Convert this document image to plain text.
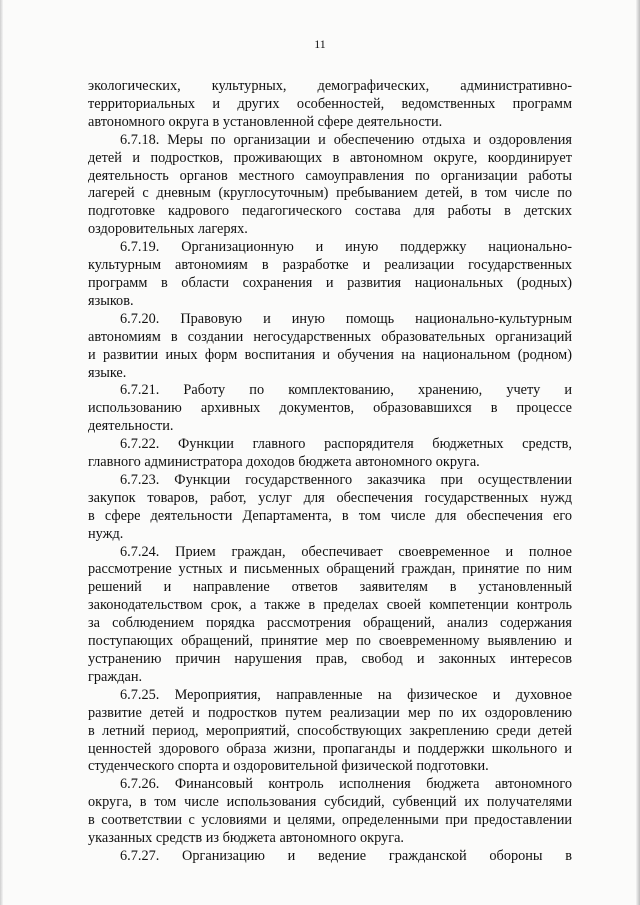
11

экологических, культурных, демографических, административно-

территориальных и других особенностей, ведомственных программ

автономного округа в установленной сфере деятельности.

6.7.18. Меры по организации и обеспечению отдыха и оздоровления

детей и подростков, проживающих в автономном округе, координирует

деятельность органов местного самоуправления по организации работы

лагерей с дневным (круглосуточным) пребыванием детей, в том числе по

подготовке кадрового педагогического состава для работы в детских

оздоровительных лагерях.

6.7.19. Организационную и иную поддержку национально-

культурным автономиям в разработке и реализации государственных

программ в области сохранения и развития национальных (родных)

языков.

6.7.20. Правовую и иную помощь национально-культурным

автономиям в создании негосударственных образовательных организаций

и развитии иных форм воспитания и обучения на национальном (родном)

языке.

6.7.21. Работу по комплектованию, хранению, учету и

использованию архивных документов, образовавшихся в процессе

деятельности.

6.7.22. Функции главного распорядителя бюджетных средств,

главного администратора доходов бюджета автономного округа.

6.7.23. Функции государственного заказчика при осуществлении

закупок товаров, работ, услуг для обеспечения государственных нужд

в сфере деятельности Департамента, в том числе для обеспечения его

нужд.

6.7.24. Прием граждан, обеспечивает своевременное и полное

рассмотрение устных и письменных обращений граждан, принятие по ним

решений и направление ответов заявителям в установленный

законодательством срок, а также в пределах своей компетенции контроль

за соблюдением порядка рассмотрения обращений, анализ содержания

поступающих обращений, принятие мер по своевременному выявлению и

устранению причин нарушения прав, свобод и законных интересов

граждан.

6.7.25. Мероприятия, направленные на физическое и духовное

развитие детей и подростков путем реализации мер по их оздоровлению

в летний период, мероприятий, способствующих закреплению среди детей

ценностей здорового образа жизни, пропаганды и поддержки школьного и

студенческого спорта и оздоровительной физической подготовки.

6.7.26. Финансовый контроль исполнения бюджета автономного

округа, в том числе использования субсидий, субвенций их получателями

в соответствии с условиями и целями, определенными при предоставлении

указанных средств из бюджета автономного округа.

6.7.27. Организацию и ведение гражданской обороны в
